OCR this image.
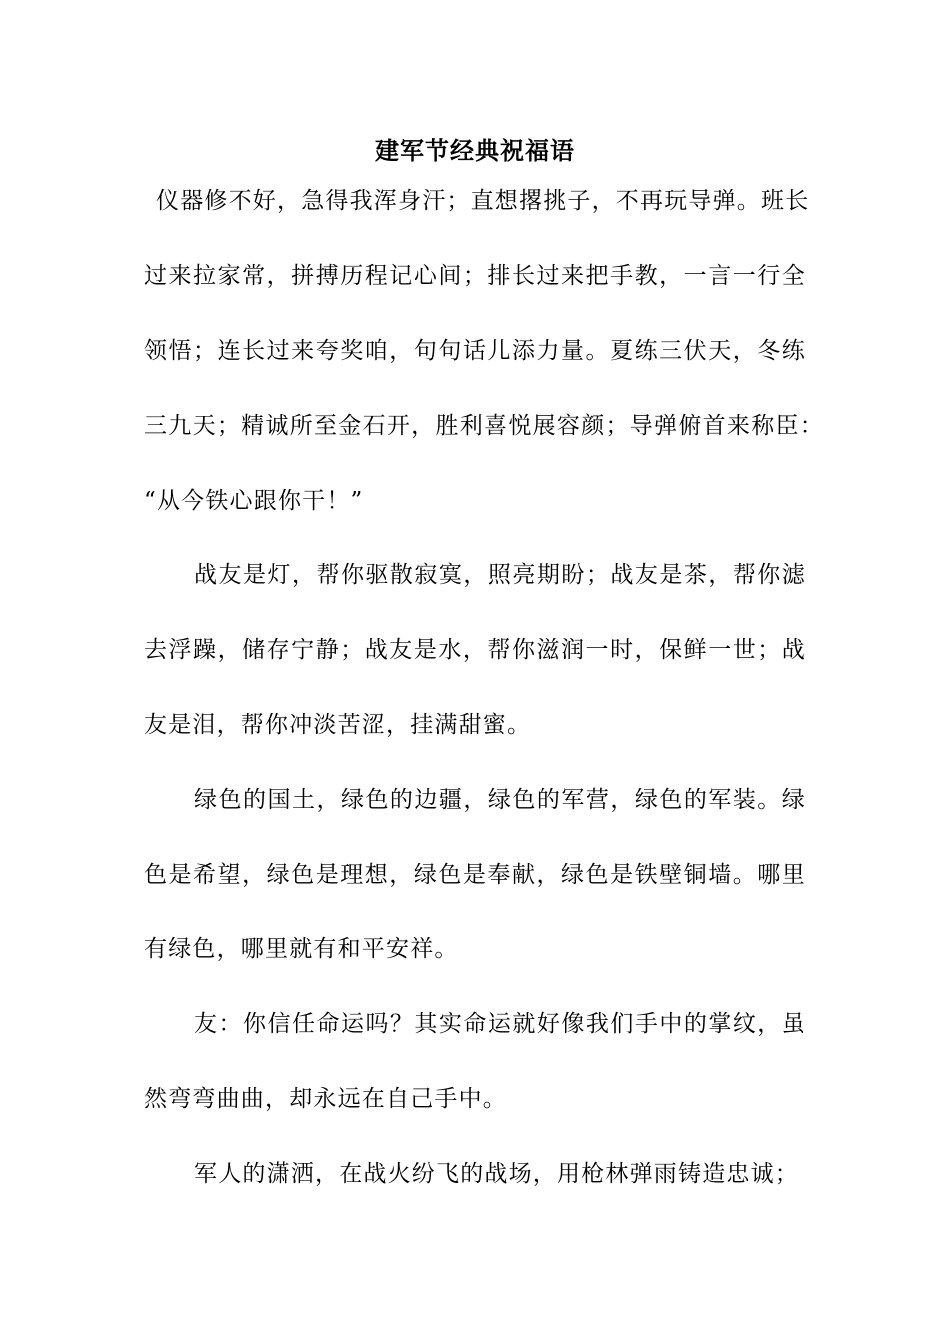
建军节经典祝福语
仪器修不好，急得我浑身汗；直想撂挑子，不再玩导弹。班长
过来拉家常，拼搏历程记心间；排长过来把手教，一言一行全
领悟；连长过来夸奖咱，句句话儿添力量。夏练三伏天，冬练
三九天；精诚所至金石开，胜利喜悦展容颜；导弹俯首来称臣：
“从今铁心跟你干！”
战友是灯，帮你驱散寂寞，照亮期盼；战友是茶，帮你滤
去浮躁，储存宁静；战友是水，帮你滋润一时，保鲜一世；战
友是泪，帮你冲淡苦涩，挂满甜蜜。
绿色的国土，绿色的边疆，绿色的军营，绿色的军装。绿
色是希望，绿色是理想，绿色是奉献，绿色是铁壁铜墙。哪里
有绿色，哪里就有和平安祥。
友：你信任命运吗？其实命运就好像我们手中的掌纹，虽
然弯弯曲曲，却永远在自己手中。
军人的潇洒，在战火纷飞的战场，用枪林弹雨铸造忠诚；
